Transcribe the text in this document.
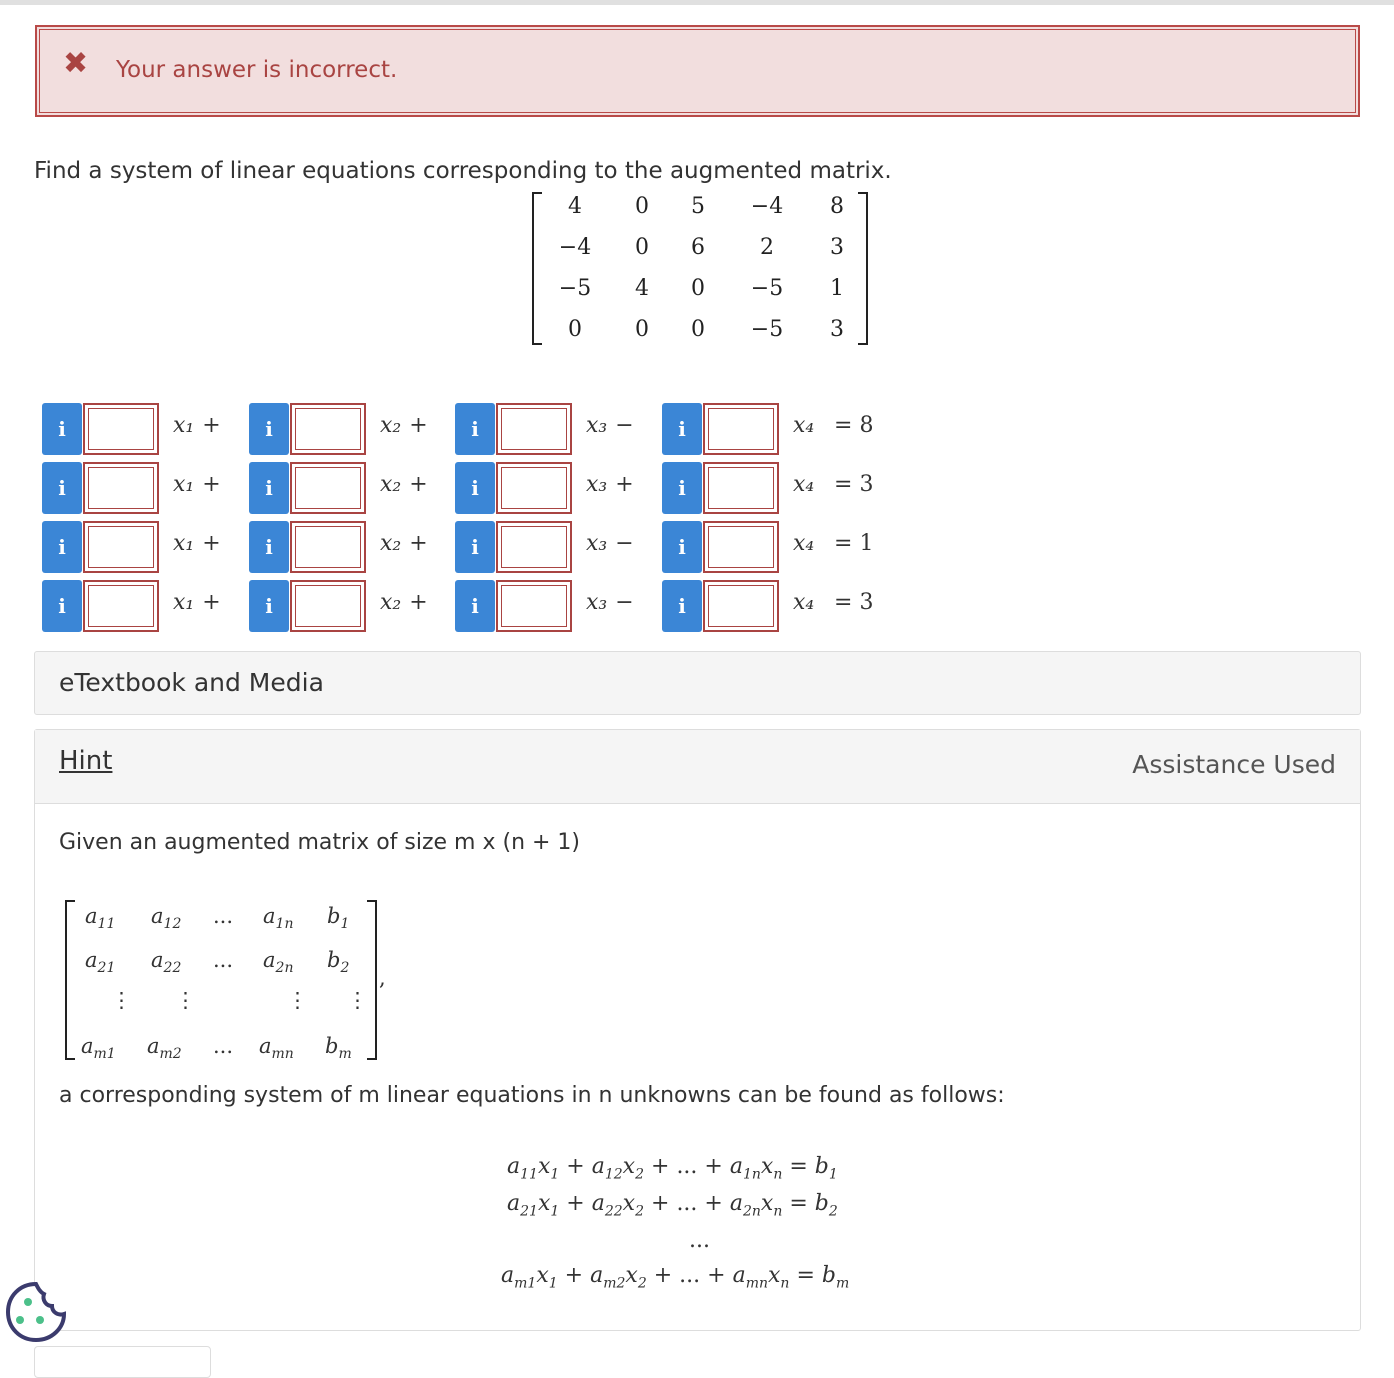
✖ Your answer is incorrect.
Find a system of linear equations corresponding to the augmented matrix.
4	0	5	−4	8
−4	0	6	2	3
−5	4	0	−5	1
0	0	0	−5	3
i	x₁ +	i	x₂ +	i	x₃ −	i	x₄ = 8
i	x₁ +	i	x₂ +	i	x₃ +	i	x₄ = 3
i	x₁ +	i	x₂ +	i	x₃ −	i	x₄ = 1
i	x₁ +	i	x₂ +	i	x₃ −	i	x₄ = 3
eTextbook and Media
Hint	Assistance Used
Given an augmented matrix of size m x (n + 1)
$a_{11}$ $a_{12}$ ... $a_{1n}$ $b_1$
$a_{21}$ $a_{22}$ ... $a_{2n}$ $b_2$
⋮ ⋮	⋮ ⋮
$a_{m1}$ $a_{m2}$ ... $a_{mn}$ $b_m$
,
a corresponding system of m linear equations in n unknowns can be found as follows:
$a_{11}x_1 + a_{12}x_2$ + ... + $a_{1n}x_n = b_1$
$a_{21}x_1 + a_{22}x_2$ + ... + $a_{2n}x_n = b_2$
...
$a_{m1}x_1 + a_{m2}x_2$ + ... + $a_{mn}x_n = b_m$
